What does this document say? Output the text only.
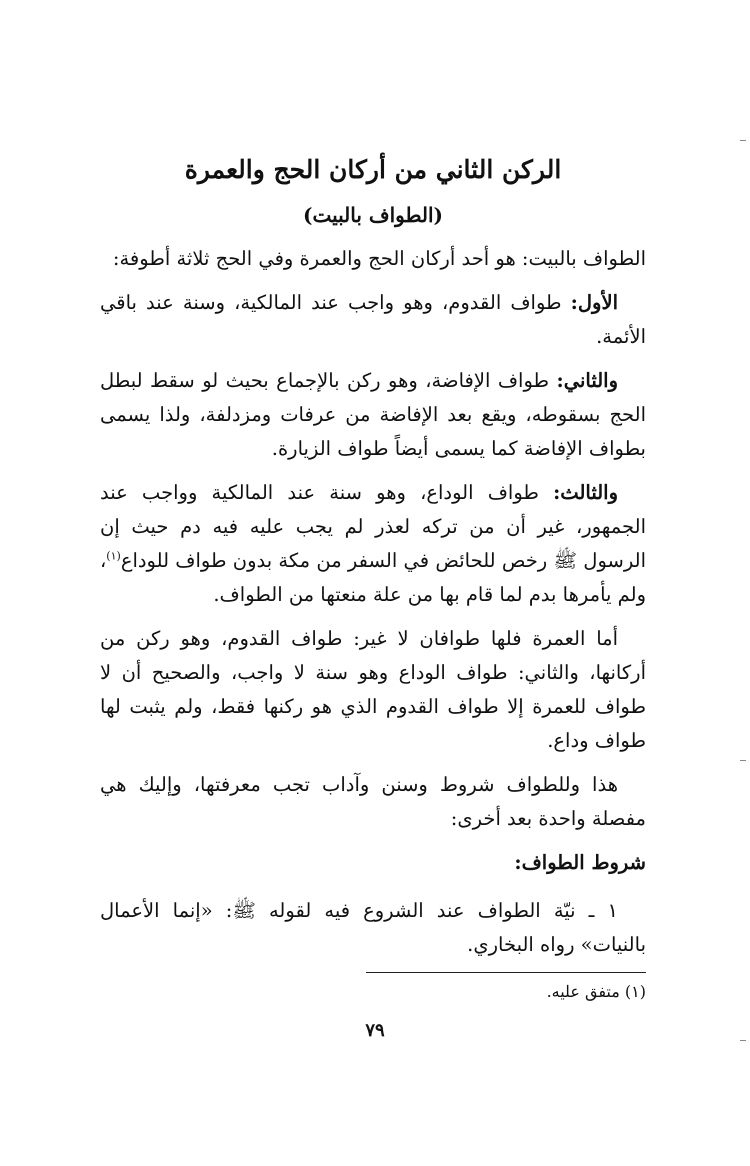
الركن الثاني من أركان الحج والعمرة
(الطواف بالبيت)

الطواف بالبيت: هو أحد أركان الحج والعمرة وفي الحج ثلاثة أطوفة:

الأول: طواف القدوم، وهو واجب عند المالكية، وسنة عند باقي الأئمة.

والثاني: طواف الإفاضة، وهو ركن بالإجماع بحيث لو سقط لبطل الحج بسقوطه، ويقع بعد الإفاضة من عرفات ومزدلفة، ولذا يسمى بطواف الإفاضة كما يسمى أيضاً طواف الزيارة.

والثالث: طواف الوداع، وهو سنة عند المالكية وواجب عند الجمهور، غير أن من تركه لعذر لم يجب عليه فيه دم حيث إن الرسول ﷺ رخص للحائض في السفر من مكة بدون طواف للوداع$^{(١)}$، ولم يأمرها بدم لما قام بها من علة منعتها من الطواف.

أما العمرة فلها طوافان لا غير: طواف القدوم، وهو ركن من أركانها، والثاني: طواف الوداع وهو سنة لا واجب، والصحيح أن لا طواف للعمرة إلا طواف القدوم الذي هو ركنها فقط، ولم يثبت لها طواف وداع.

هذا وللطواف شروط وسنن وآداب تجب معرفتها، وإليك هي مفصلة واحدة بعد أخرى:

شروط الطواف:

١ ـ نيّة الطواف عند الشروع فيه لقوله ﷺ: «إنما الأعمال بالنيات» رواه البخاري.

(١) متفق عليه.
٧٩
